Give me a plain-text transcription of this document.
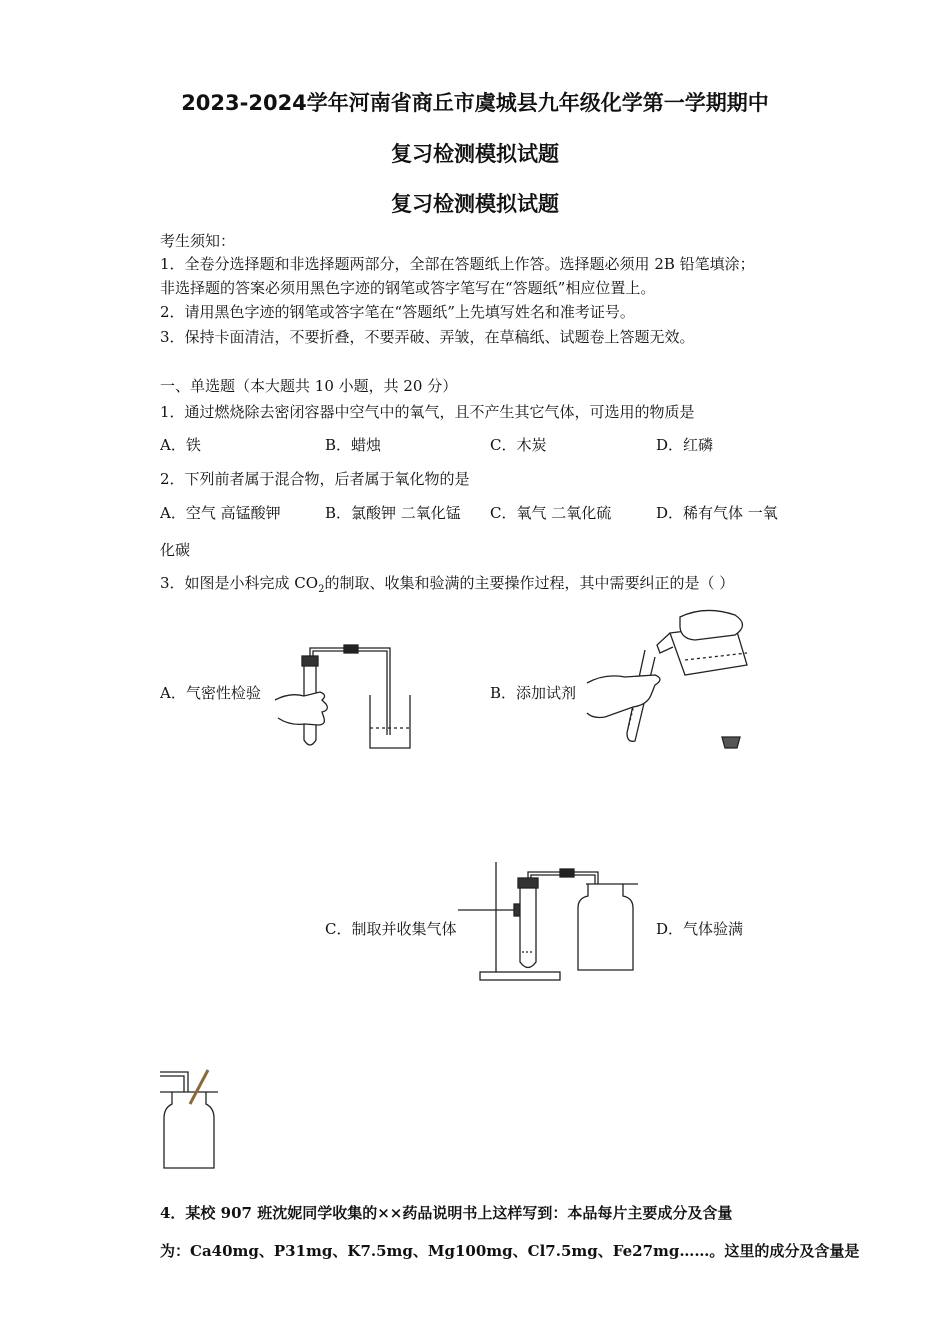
2023-2024学年河南省商丘市虞城县九年级化学第一学期期中
复习检测模拟试题
复习检测模拟试题
考生须知：
1．全卷分选择题和非选择题两部分，全部在答题纸上作答。选择题必须用 2B 铅笔填涂；
非选择题的答案必须用黑色字迹的钢笔或答字笔写在“答题纸”相应位置上。
2．请用黑色字迹的钢笔或答字笔在“答题纸”上先填写姓名和准考证号。
3．保持卡面清洁，不要折叠，不要弄破、弄皱，在草稿纸、试题卷上答题无效。
一、单选题（本大题共 10 小题，共 20 分）
1．通过燃烧除去密闭容器中空气中的氧气，且不产生其它气体，可选用的物质是
A．铁	B．蜡烛	C．木炭	D．红磷
2．下列前者属于混合物，后者属于氧化物的是
A．空气 高锰酸钾	B．氯酸钾 二氧化锰 C．氧气 二氧化硫	D．稀有气体 一氧
化碳
3．如图是小科完成 $CO_2$的制取、收集和验满的主要操作过程，其中需要纠正的是（ ）
A．气密性检验	B．添加试剂
C．制取并收集气体	D．气体验满
4．某校 907 班沈妮同学收集的××药品说明书上这样写到：本品每片主要成分及含量
为：Ca40mg、P31mg、K7.5mg、Mg100mg、Cl7.5mg、Fe27mg……。这里的成分及含量是
